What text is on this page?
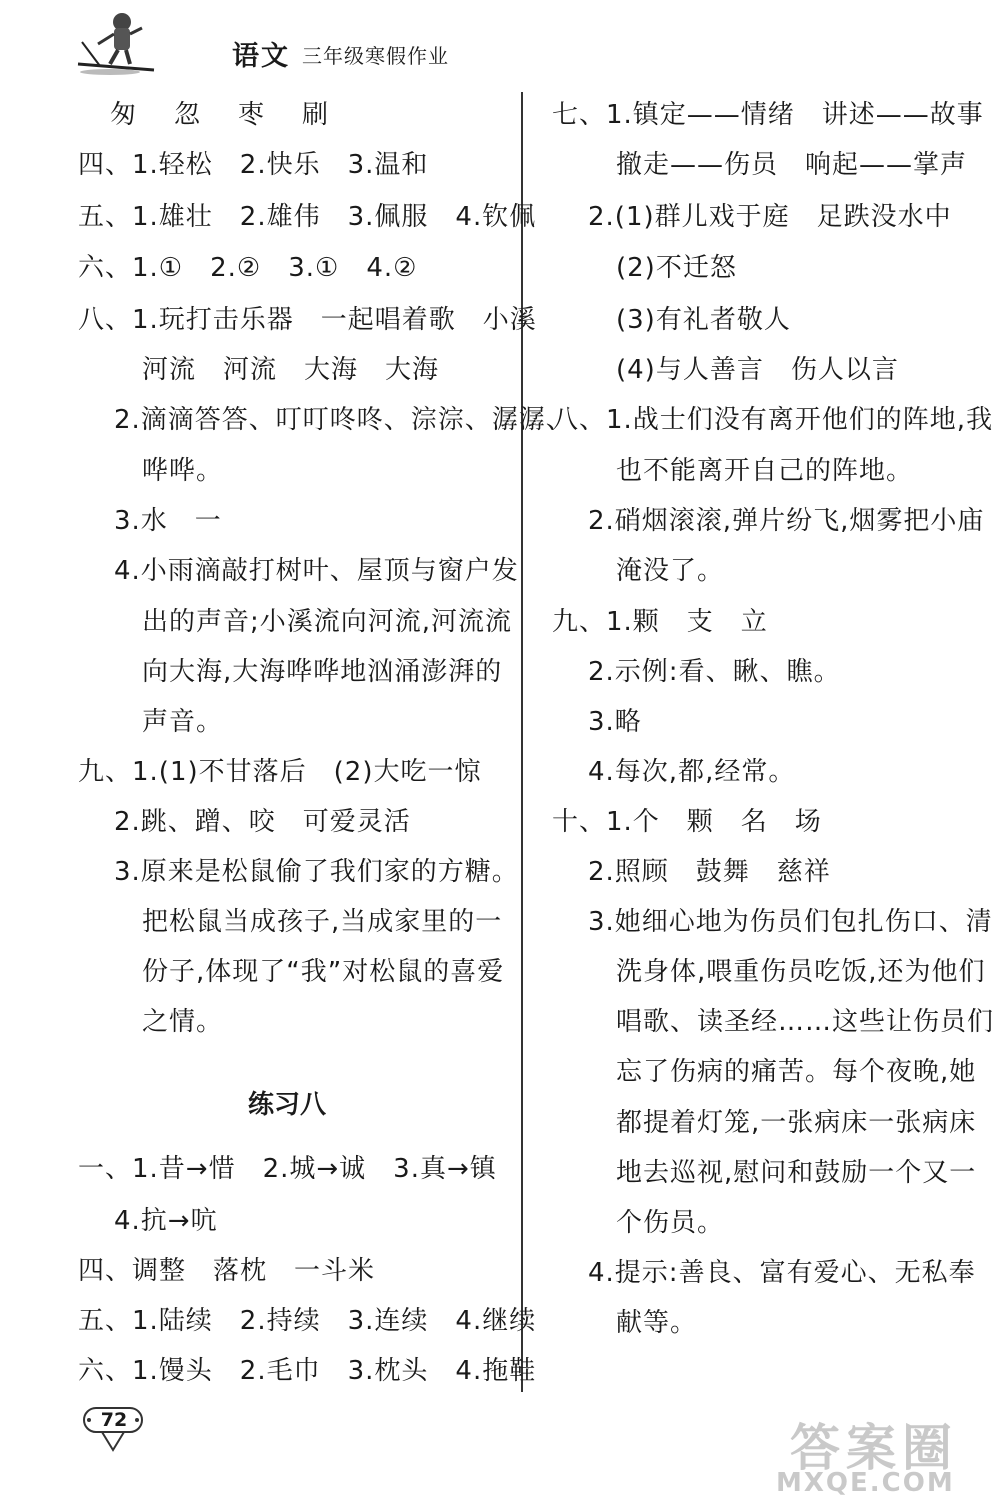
语文 三年级寒假作业
匆　忽　枣　刷
四、1.轻松　2.快乐　3.温和
五、1.雄壮　2.雄伟　3.佩服　4.钦佩
六、1.①　2.②　3.①　4.②
八、1.玩打击乐器　一起唱着歌　小溪
河流　河流　大海　大海
2.滴滴答答、叮叮咚咚、淙淙、潺潺、
哗哗。
3.水　一
4.小雨滴敲打树叶、屋顶与窗户发
出的声音;小溪流向河流,河流流
向大海,大海哗哗地汹涌澎湃的
声音。
九、1.(1)不甘落后　(2)大吃一惊
2.跳、蹭、咬　可爱灵活
3.原来是松鼠偷了我们家的方糖。
把松鼠当成孩子,当成家里的一
份子,体现了“我”对松鼠的喜爱
之情。
练习八
一、1.昔→惜　2.城→诚　3.真→镇
4.抗→吭
四、调整　落枕　一斗米
五、1.陆续　2.持续　3.连续　4.继续
六、1.馒头　2.毛巾　3.枕头　4.拖鞋
七、1.镇定——情绪　讲述——故事
撤走——伤员　响起——掌声
2.(1)群儿戏于庭　足跌没水中
(2)不迁怒
(3)有礼者敬人
(4)与人善言　伤人以言
八、1.战士们没有离开他们的阵地,我
也不能离开自己的阵地。
2.硝烟滚滚,弹片纷飞,烟雾把小庙
淹没了。
九、1.颗　支　立
2.示例:看、瞅、瞧。
3.略
4.每次,都,经常。
十、1.个　颗　名　场
2.照顾　鼓舞　慈祥
3.她细心地为伤员们包扎伤口、清
洗身体,喂重伤员吃饭,还为他们
唱歌、读圣经……这些让伤员们
忘了伤病的痛苦。每个夜晚,她
都提着灯笼,一张病床一张病床
地去巡视,慰问和鼓励一个又一
个伤员。
4.提示:善良、富有爱心、无私奉
献等。
72	答案圈
MXQE.COM
